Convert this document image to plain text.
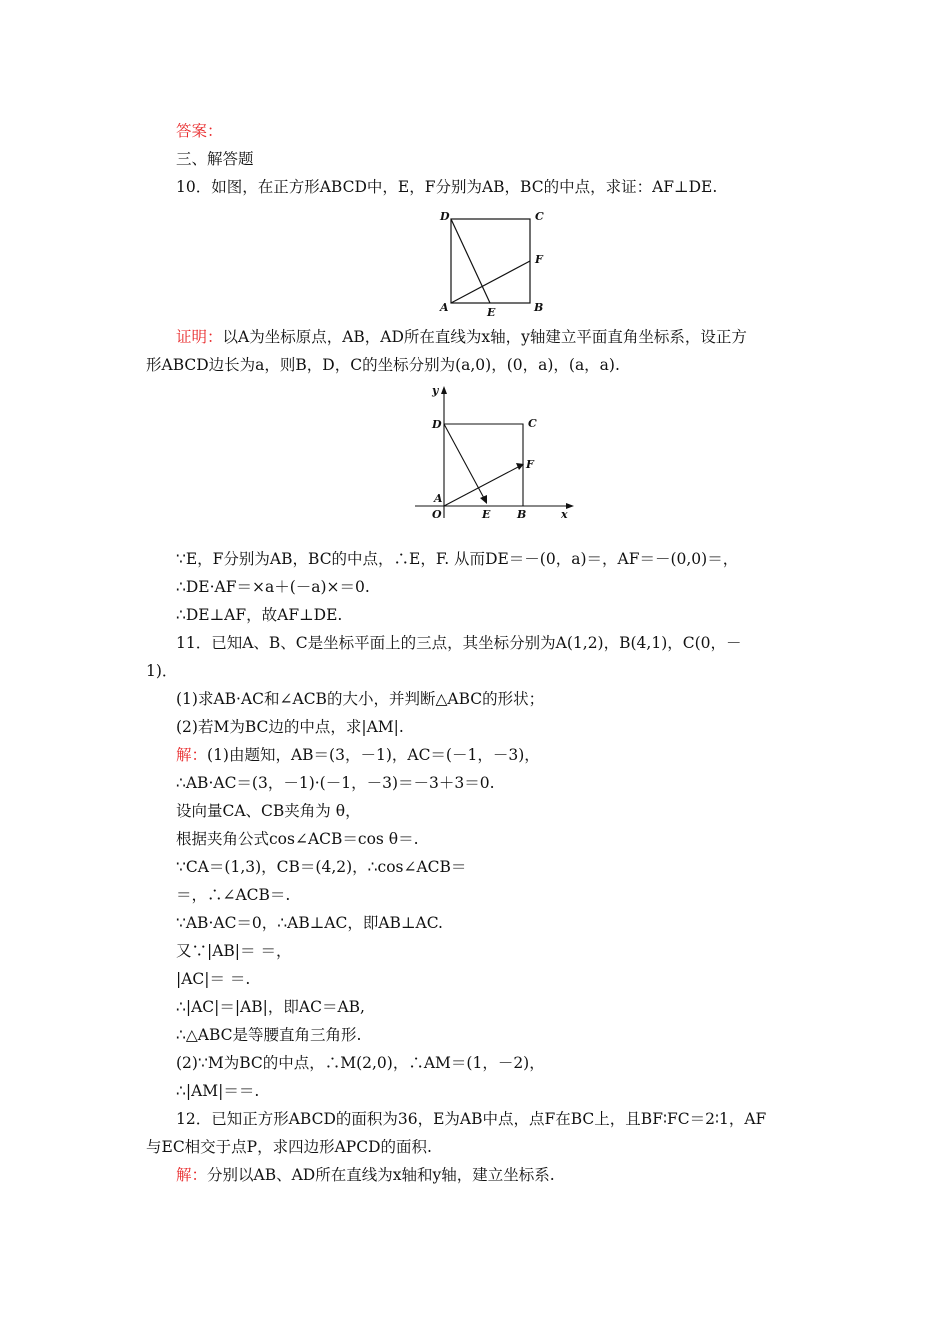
答案：
三、解答题
10．如图，在正方形ABCD中，E，F分别为AB，BC的中点，求证：AF⊥DE.
D	C
F
A	E	B
证明：以A为坐标原点，AB，AD所在直线为x轴，y轴建立平面直角坐标系，设正方
形ABCD边长为a，则B，D，C的坐标分别为(a,0)，(0，a)，(a，a).
y
D	C
F
A
O	E B	x
∵E，F分别为AB，BC的中点，∴E，F. 从而DE＝－(0，a)＝，AF＝－(0,0)＝，
∴DE·AF＝×a＋(－a)×＝0.
∴DE⊥AF，故AF⊥DE.
11．已知A、B、C是坐标平面上的三点，其坐标分别为A(1,2)，B(4,1)，C(0，－
1)．
(1)求AB·AC和∠ACB的大小，并判断△ABC的形状；
(2)若M为BC边的中点，求|AM|.
解：(1)由题知，AB＝(3，－1)，AC＝(－1，－3)，
∴AB·AC＝(3，－1)·(－1，－3)＝－3＋3＝0.
设向量CA、CB夹角为 θ，
根据夹角公式cos∠ACB＝cos θ＝.
∵CA＝(1,3)，CB＝(4,2)，∴cos∠ACB＝
＝，∴∠ACB＝.
∵AB·AC＝0，∴AB⊥AC，即AB⊥AC.
又∵|AB|＝ ＝，
|AC|＝ ＝.
∴|AC|＝|AB|，即AC＝AB,
∴△ABC是等腰直角三角形.
(2)∵M为BC的中点，∴M(2,0)，∴AM＝(1，－2)，
∴|AM|＝＝.
12．已知正方形ABCD的面积为36，E为AB中点，点F在BC上，且BF∶FC＝2∶1，AF
与EC相交于点P，求四边形APCD的面积.
解：分别以AB、AD所在直线为x轴和y轴，建立坐标系.
